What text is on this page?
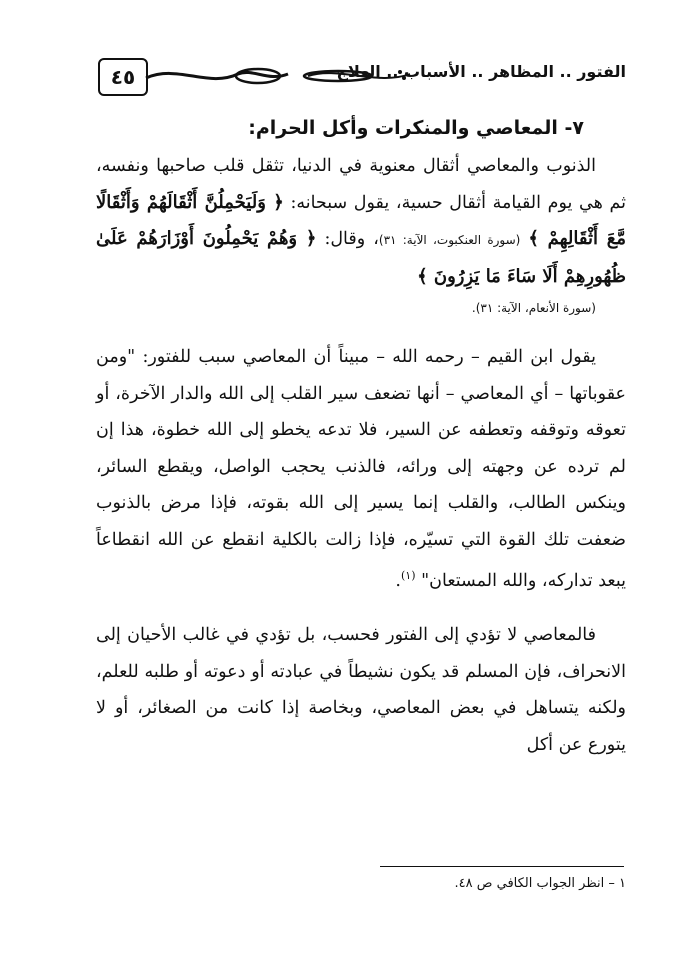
٤٥	الفتور .. المظاهر .. الأسباب .. العلاج
٧- المعاصي والمنكرات وأكل الحرام:

الذنوب والمعاصي أثقال معنوية في الدنيا، تثقل قلب صاحبها ونفسه، ثم هي يوم القيامة أثقال حسية، يقول سبحانه: ﴿ وَلَيَحْمِلُنَّ أَثْقَالَهُمْ وَأَثْقَالًا مَّعَ أَثْقَالِهِمْ ﴾ (سورة العنكبوت، الآية: ٣١)، وقال: ﴿ وَهُمْ يَحْمِلُونَ أَوْزَارَهُمْ عَلَىٰ ظُهُورِهِمْ أَلَا سَاءَ مَا يَزِرُونَ ﴾
(سورة الأنعام، الآية: ٣١).

يقول ابن القيم – رحمه الله – مبيناً أن المعاصي سبب للفتور: "ومن عقوباتها – أي المعاصي – أنها تضعف سير القلب إلى الله والدار الآخرة، أو تعوقه وتوقفه وتعطفه عن السير، فلا تدعه يخطو إلى الله خطوة، هذا إن لم ترده عن وجهته إلى ورائه، فالذنب يحجب الواصل، ويقطع السائر، وينكس الطالب، والقلب إنما يسير إلى الله بقوته، فإذا مرض بالذنوب ضعفت تلك القوة التي تسيّره، فإذا زالت بالكلية انقطع عن الله انقطاعاً يبعد تداركه، والله المستعان" $^{(١)}$.

فالمعاصي لا تؤدي إلى الفتور فحسب، بل تؤدي في غالب الأحيان إلى الانحراف، فإن المسلم قد يكون نشيطاً في عبادته أو دعوته أو طلبه للعلم، ولكنه يتساهل في بعض المعاصي، وبخاصة إذا كانت من الصغائر، أو لا يتورع عن أكل

١ – انظر الجواب الكافي ص ٤٨.
